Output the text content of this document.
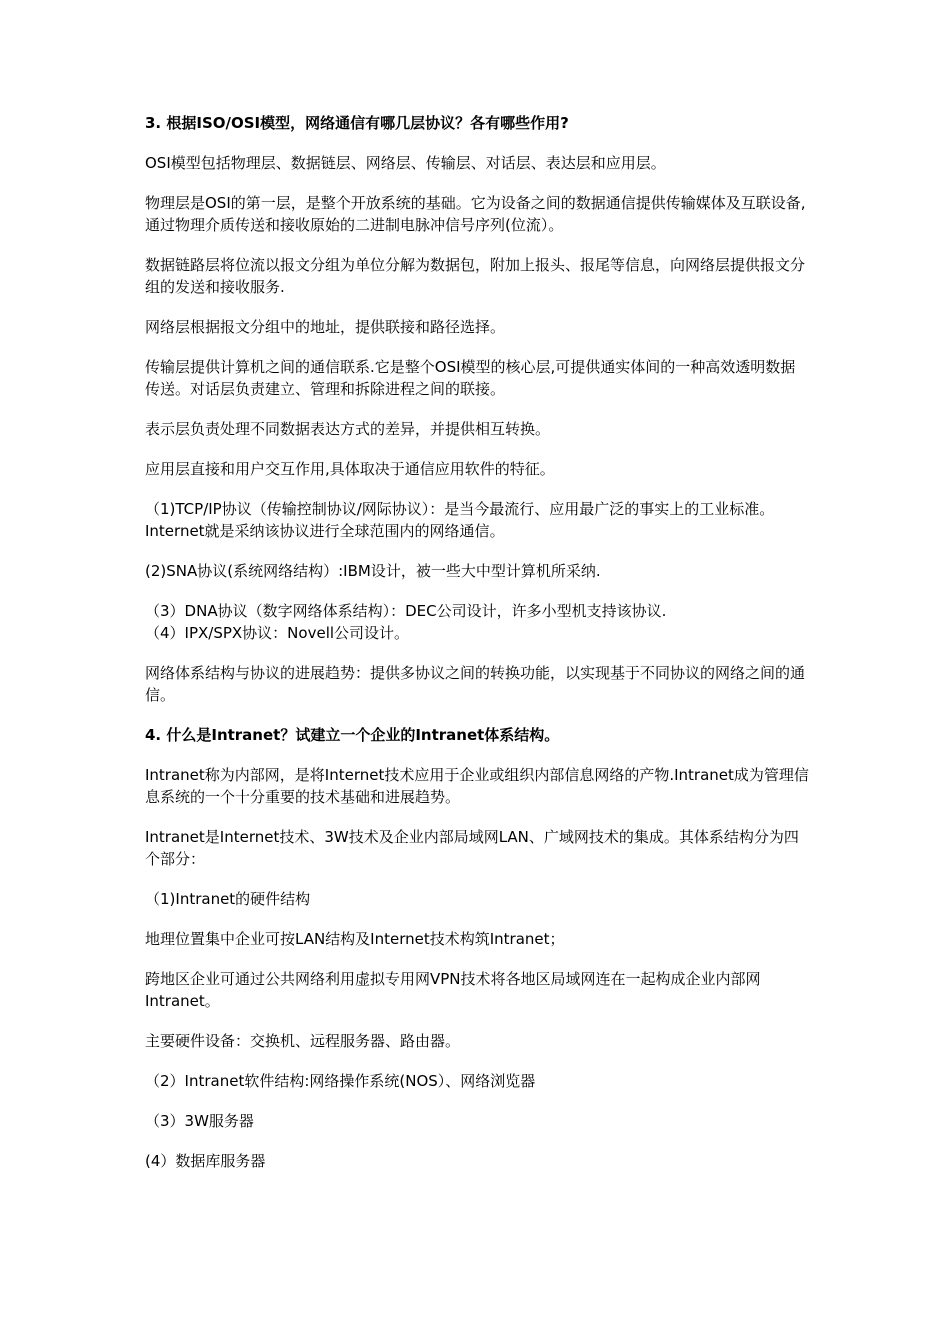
3. 根据ISO/OSI模型，网络通信有哪几层协议？各有哪些作用?

OSI模型包括物理层、数据链层、网络层、传输层、对话层、表达层和应用层。

物理层是OSI的第一层，是整个开放系统的基础。它为设备之间的数据通信提供传输媒体及互联设备,通过物理介质传送和接收原始的二进制电脉冲信号序列(位流）。

数据链路层将位流以报文分组为单位分解为数据包，附加上报头、报尾等信息，向网络层提供报文分组的发送和接收服务.

网络层根据报文分组中的地址，提供联接和路径选择。

传输层提供计算机之间的通信联系.它是整个OSI模型的核心层,可提供通实体间的一种高效透明数据传送。对话层负责建立、管理和拆除进程之间的联接。

表示层负责处理不同数据表达方式的差异，并提供相互转换。

应用层直接和用户交互作用,具体取决于通信应用软件的特征。

（1)TCP/IP协议（传输控制协议/网际协议）：是当今最流行、应用最广泛的事实上的工业标准。Internet就是采纳该协议进行全球范围内的网络通信。

(2)SNA协议(系统网络结构）:IBM设计，被一些大中型计算机所采纳.

（3）DNA协议（数字网络体系结构）：DEC公司设计，许多小型机支持该协议.

（4）IPX/SPX协议：Novell公司设计。

网络体系结构与协议的进展趋势：提供多协议之间的转换功能，以实现基于不同协议的网络之间的通信。

4. 什么是Intranet？试建立一个企业的Intranet体系结构。

Intranet称为内部网，是将Internet技术应用于企业或组织内部信息网络的产物.Intranet成为管理信息系统的一个十分重要的技术基础和进展趋势。

Intranet是Internet技术、3W技术及企业内部局域网LAN、广域网技术的集成。其体系结构分为四个部分：

（1)Intranet的硬件结构

地理位置集中企业可按LAN结构及Internet技术构筑Intranet；

跨地区企业可通过公共网络利用虚拟专用网VPN技术将各地区局域网连在一起构成企业内部网Intranet。

主要硬件设备：交换机、远程服务器、路由器。

（2）Intranet软件结构:网络操作系统(NOS）、网络浏览器

（3）3W服务器

(4）数据库服务器
